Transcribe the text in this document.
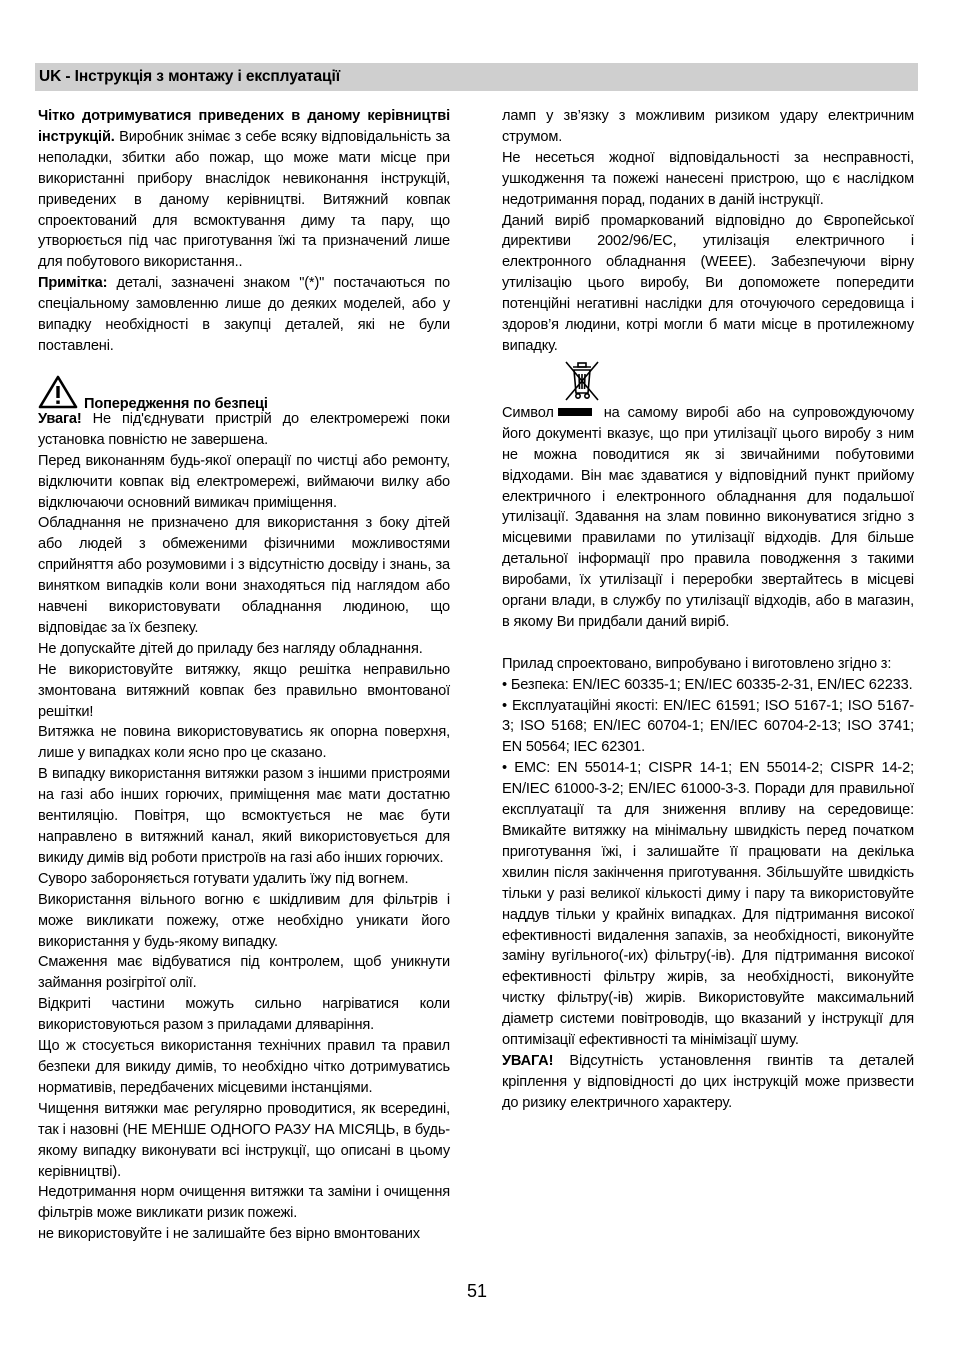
UK - Інструкція з монтажу і експлуатації

Чітко дотримуватися приведених в даному керівництві інструкцій. Виробник знімає з себе всяку відповідальність за неполадки, збитки або пожар, що може мати місце при використанні прибору внаслідок невиконання інструкцій, приведених в даному керівництві. Витяжний ковпак спроектований для всмоктування диму та пару, що утворюється під час приготування їжі та призначений лише для побутового використання..

Примітка: деталі, зазначені знаком "(*)" постачаються по спеціальному замовленню лише до деяких моделей, або у випадку необхідності в закупці деталей, які не були поставлені.

Попередження по безпеці

Увага! Не під'єднувати пристрій до електромережі поки установка повністю не завершена.

Перед виконанням будь-якої операції по чистці або ремонту, відключити ковпак від електромережі, виймаючи вилку або відключаючи основний вимикач приміщення.

Обладнання не призначено для використання з боку дітей або людей з обмеженими фізичними можливостями сприйняття або розумовими і з відсутністю досвіду і знань, за винятком випадків коли вони знаходяться під наглядом або навчені використовувати обладнання людиною, що відповідає за їх безпеку.

Не допускайте дітей до приладу без нагляду обладнання.

Не використовуйте витяжку, якщо решітка неправильно змонтована витяжний ковпак без правильно вмонтованої решітки!

Витяжка не повина використовуватись як опорна поверхня, лише у випадках коли ясно про це сказано.

В випадку використання витяжки разом з іншими пристроями на газі або інших горючих, приміщення має мати достатню вентиляцію. Повітря, що всмоктується не має бути направлено в витяжний канал, який використовується для викиду димів від роботи пристроїв на газі або інших горючих.

Суворо забороняється готувати удалить їжу під вогнем.

Використання вільного вогню є шкідливим для фільтрів і може викликати пожежу, отже необхідно уникати його використання у будь-якому випадку.

Смаження має відбуватися під контролем, щоб уникнути займання розігрітої олії.

Відкриті частини можуть сильно нагріватися коли використовуються разом з приладами дляваріння.

Що ж стосується використання технічних правил та правил безпеки для викиду димів, то необхідно чітко дотримуватись нормативів, передбачених місцевими інстанціями.

Чищення витяжки має регулярно проводитися, як всередині, так і назовні (НЕ МЕНШЕ ОДНОГО РАЗУ НА МІСЯЦЬ, в будь-якому випадку виконувати всі інструкції, що описані в цьому керівництві).

Недотримання норм очищення витяжки та заміни і очищення фільтрів може викликати ризик пожежі.

не використовуйте і не залишайте без вірно вмонтованих

ламп у зв’язку з можливим ризиком удару електричним струмом.

Не несеться жодної відповідальності за несправності, ушкодження та пожежі нанесені пристрою, що є наслідком недотримання порад, поданих в даній інструкції.

Даний виріб промаркований відповідно до Європейської директиви 2002/96/ЕС, утилізація електричного і електронного обладнання (WEEE). Забезпечуючи вірну утилізацію цього виробу, Ви допоможете попередити потенційні негативні наслідки для оточуючого середовища і здоров’я людини, котрі могли б мати місце в протилежному випадку.

Символ	на самому виробі або на супровождуючому його документі вказує, що при утилізації цього виробу з ним не можна поводитися як зі звичайними побутовими відходами. Він має здаватися у відповідний пункт прийому електричного і електронного обладнання для подальшої утилізації. Здавання на злам повинно виконуватися згідно з місцевими правилами по утилізації відходів. Для більше детальної інформації про правила поводження з такими виробами, їх утилізації і переробки звертайтесь в місцеві органи влади, в службу по утилізації відходів, або в магазин, в якому Ви придбали даний виріб.

Прилад спроектовано, випробувано і виготовлено згідно з:

• Безпека: EN/IEC 60335-1; EN/IEC 60335-2-31, EN/IEC 62233.

• Експлуатаційні якості: EN/IEC 61591; ISO 5167-1; ISO 5167-3; ISO 5168; EN/IEC 60704-1; EN/IEC 60704-2-13; ISO 3741; EN 50564; IEC 62301.

• EMC: EN 55014-1; CISPR 14-1; EN 55014-2; CISPR 14-2; EN/IEC 61000-3-2; EN/IEC 61000-3-3. Поради для правильної експлуатації та для зниження впливу на середовище: Вмикайте витяжку на мінімальну швидкість перед початком приготування їжі, і залишайте її працювати на декілька хвилин після закінчення приготування. Збільшуйте швидкість тільки у разі великої кількості диму і пару та використовуйте наддув тільки у крайніх випадках. Для підтримання високої ефективності видалення запахів, за необхідності, виконуйте заміну вугільного(-их) фільтру(-ів). Для підтримання високої ефективності фільтру жирів, за необхідності, виконуйте чистку фільтру(-ів) жирів. Використовуйте максимальний діаметр системи повітроводів, що вказаний у інструкції для оптимізації ефективності та мінімізації шуму.

УВАГА! Відсутність установлення гвинтів та деталей кріплення у відповідності до цих інструкцій може призвести до ризику електричного характеру.

51
